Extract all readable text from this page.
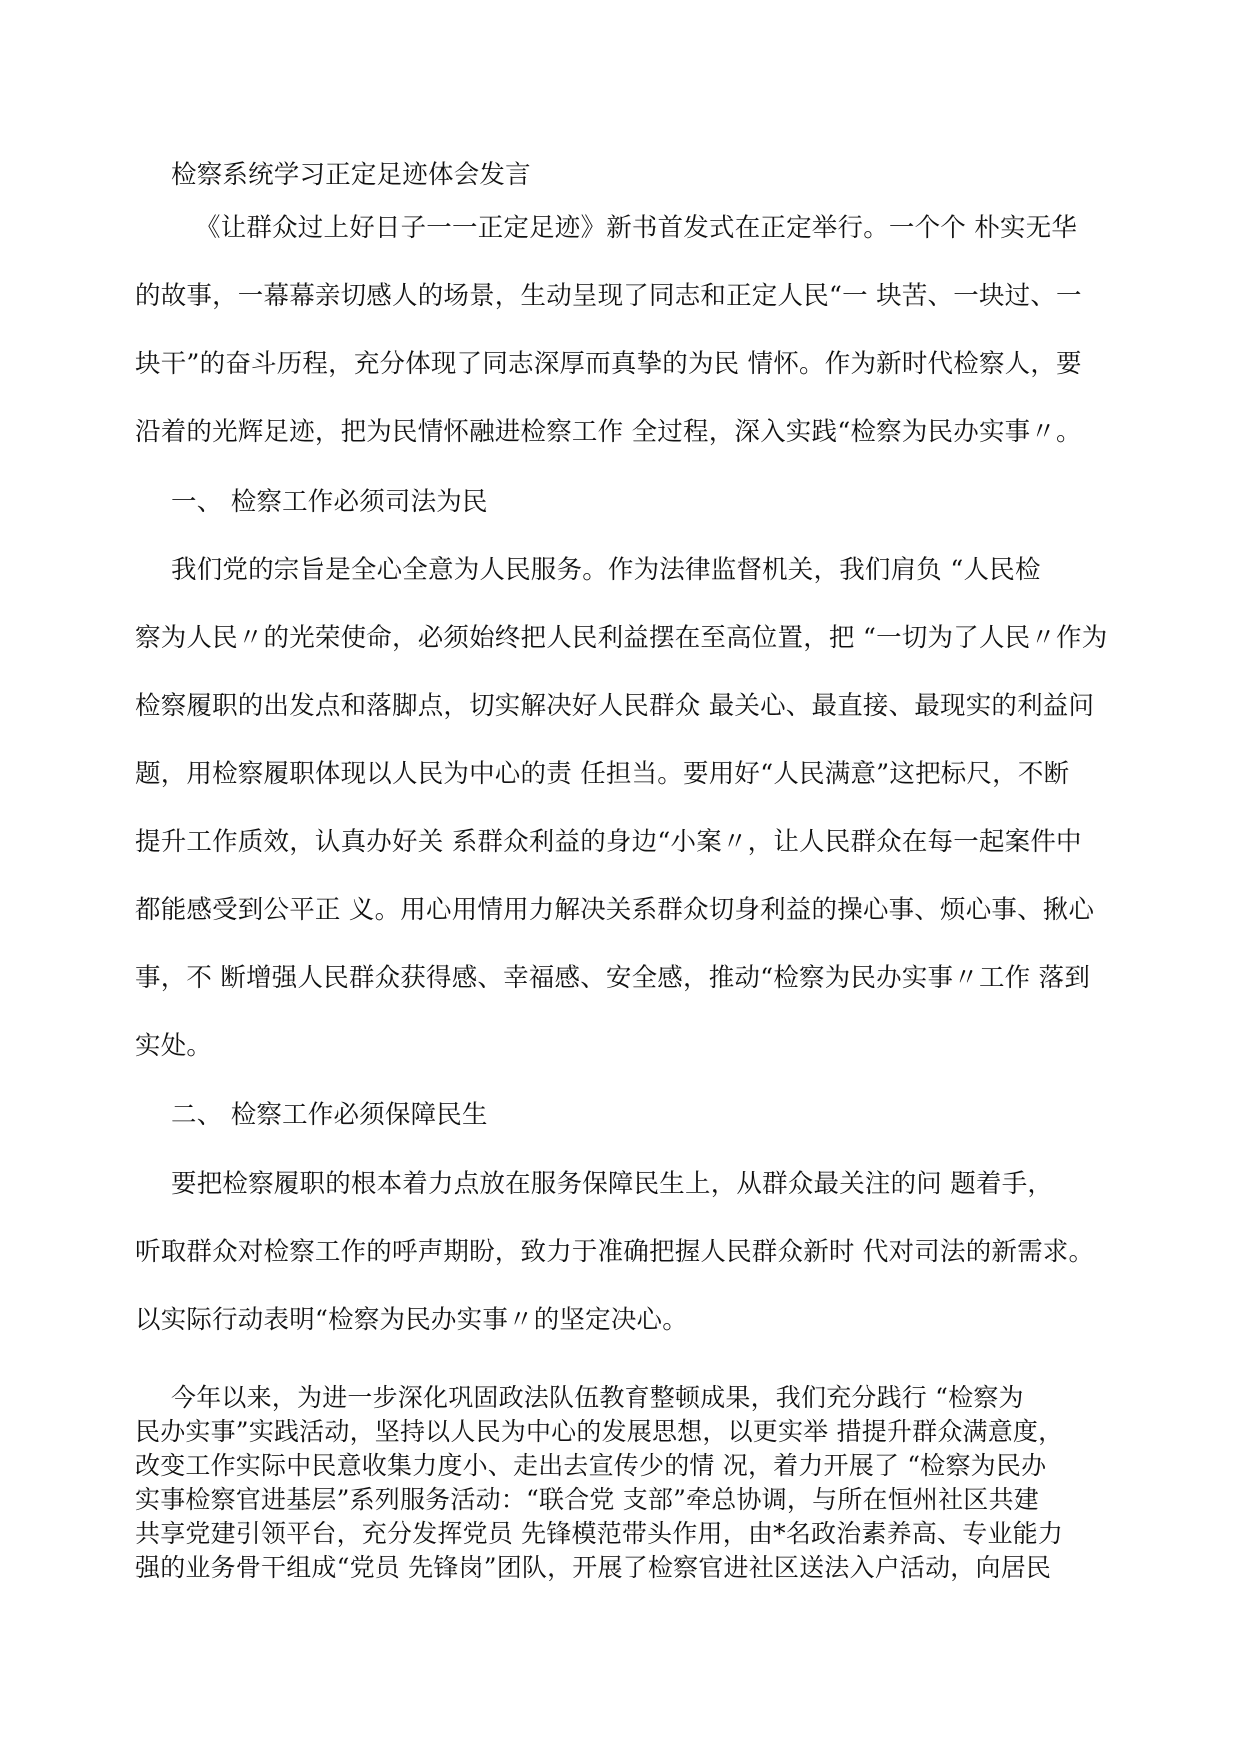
检察系统学习正定足迹体会发言
《让群众过上好日子一一正定足迹》新书首发式在正定举行。一个个 朴实无华
的故事，一幕幕亲切感人的场景，生动呈现了同志和正定人民“一 块苦、一块过、一
块干”的奋斗历程，充分体现了同志深厚而真挚的为民 情怀。作为新时代检察人，要
沿着的光辉足迹，把为民情怀融进检察工作 全过程，深入实践“检察为民办实事〃。
一、 检察工作必须司法为民
我们党的宗旨是全心全意为人民服务。作为法律监督机关，我们肩负 “人民检
察为人民〃的光荣使命，必须始终把人民利益摆在至高位置，把 “一切为了人民〃作为
检察履职的出发点和落脚点，切实解决好人民群众 最关心、最直接、最现实的利益问
题，用检察履职体现以人民为中心的责 任担当。要用好“人民满意”这把标尺，不断
提升工作质效，认真办好关 系群众利益的身边“小案〃，让人民群众在每一起案件中
都能感受到公平正 义。用心用情用力解决关系群众切身利益的操心事、烦心事、揪心
事，不 断增强人民群众获得感、幸福感、安全感，推动“检察为民办实事〃工作 落到
实处。
二、 检察工作必须保障民生
要把检察履职的根本着力点放在服务保障民生上，从群众最关注的问 题着手，
听取群众对检察工作的呼声期盼，致力于准确把握人民群众新时 代对司法的新需求。
以实际行动表明“检察为民办实事〃的坚定决心。
今年以来，为进一步深化巩固政法队伍教育整顿成果，我们充分践行 “检察为
民办实事”实践活动，坚持以人民为中心的发展思想，以更实举 措提升群众满意度，
改变工作实际中民意收集力度小、走出去宣传少的情 况，着力开展了 “检察为民办
实事检察官进基层”系列服务活动：“联合党 支部”牵总协调，与所在恒州社区共建
共享党建引领平台，充分发挥党员 先锋模范带头作用，由*名政治素养高、专业能力
强的业务骨干组成“党员 先锋岗”团队，开展了检察官进社区送法入户活动，向居民
